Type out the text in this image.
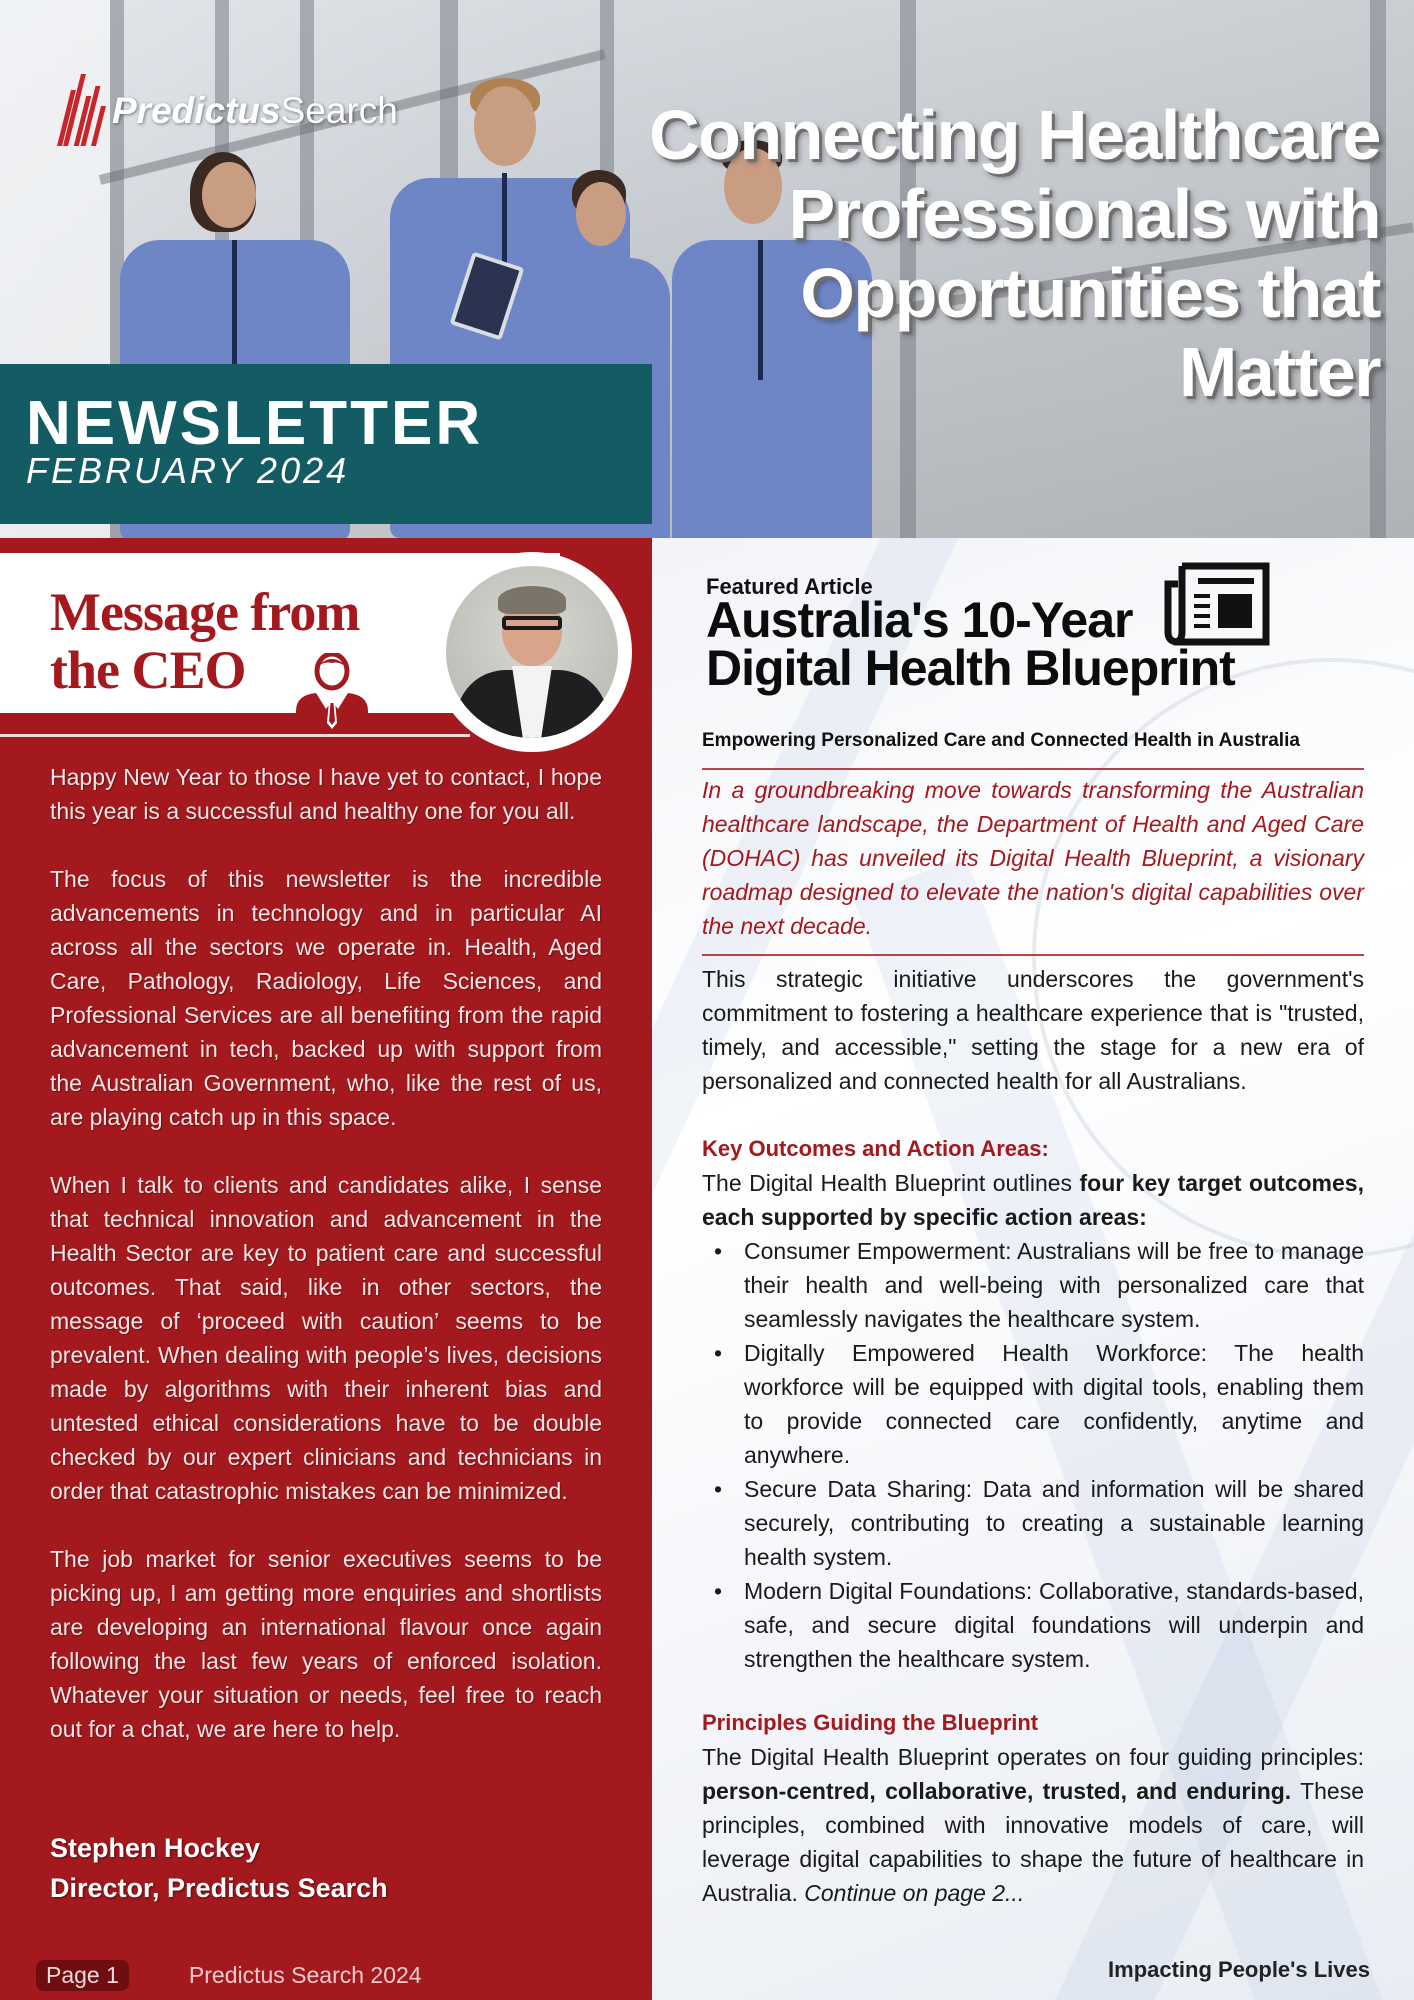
PredictusSearch	Connecting Healthcare
Professionals with
Opportunities that
Matter
NEWSLETTER
FEBRUARY 2024
Message from
the CEO

Happy New Year to those I have yet to contact, I hope this year is a successful and healthy one for you all.

The focus of this newsletter is the incredible advancements in technology and in particular AI across all the sectors we operate in. Health, Aged Care, Pathology, Radiology, Life Sciences, and Professional Services are all benefiting from the rapid advancement in tech, backed up with support from the Australian Government, who, like the rest of us, are playing catch up in this space.

When I talk to clients and candidates alike, I sense that technical innovation and advancement in the Health Sector are key to patient care and successful outcomes. That said, like in other sectors, the message of ‘proceed with caution’ seems to be prevalent. When dealing with people’s lives, decisions made by algorithms with their inherent bias and untested ethical considerations have to be double checked by our expert clinicians and technicians in order that catastrophic mistakes can be minimized.

The job market for senior executives seems to be picking up, I am getting more enquiries and shortlists are developing an international flavour once again following the last few years of enforced isolation. Whatever your situation or needs, feel free to reach out for a chat, we are here to help.

Stephen Hockey
Director, Predictus Search
Page 1	Predictus Search 2024
Featured Article
Australia's 10-Year
Digital Health Blueprint
Empowering Personalized Care and Connected Health in Australia
In a groundbreaking move towards transforming the Australian healthcare landscape, the Department of Health and Aged Care (DOHAC) has unveiled its Digital Health Blueprint, a visionary roadmap designed to elevate the nation's digital capabilities over the next decade.
This strategic initiative underscores the government's commitment to fostering a healthcare experience that is "trusted, timely, and accessible," setting the stage for a new era of personalized and connected health for all Australians.
Key Outcomes and Action Areas:
The Digital Health Blueprint outlines four key target outcomes, each supported by specific action areas:
• Consumer Empowerment: Australians will be free to manage their health and well-being with personalized care that seamlessly navigates the healthcare system.
• Digitally Empowered Health Workforce: The health workforce will be equipped with digital tools, enabling them to provide connected care confidently, anytime and anywhere.
• Secure Data Sharing: Data and information will be shared securely, contributing to creating a sustainable learning health system.
• Modern Digital Foundations: Collaborative, standards-based, safe, and secure digital foundations will underpin and strengthen the healthcare system.
Principles Guiding the Blueprint
The Digital Health Blueprint operates on four guiding principles: person-centred, collaborative, trusted, and enduring. These principles, combined with innovative models of care, will leverage digital capabilities to shape the future of healthcare in Australia. Continue on page 2...
Impacting People's Lives
